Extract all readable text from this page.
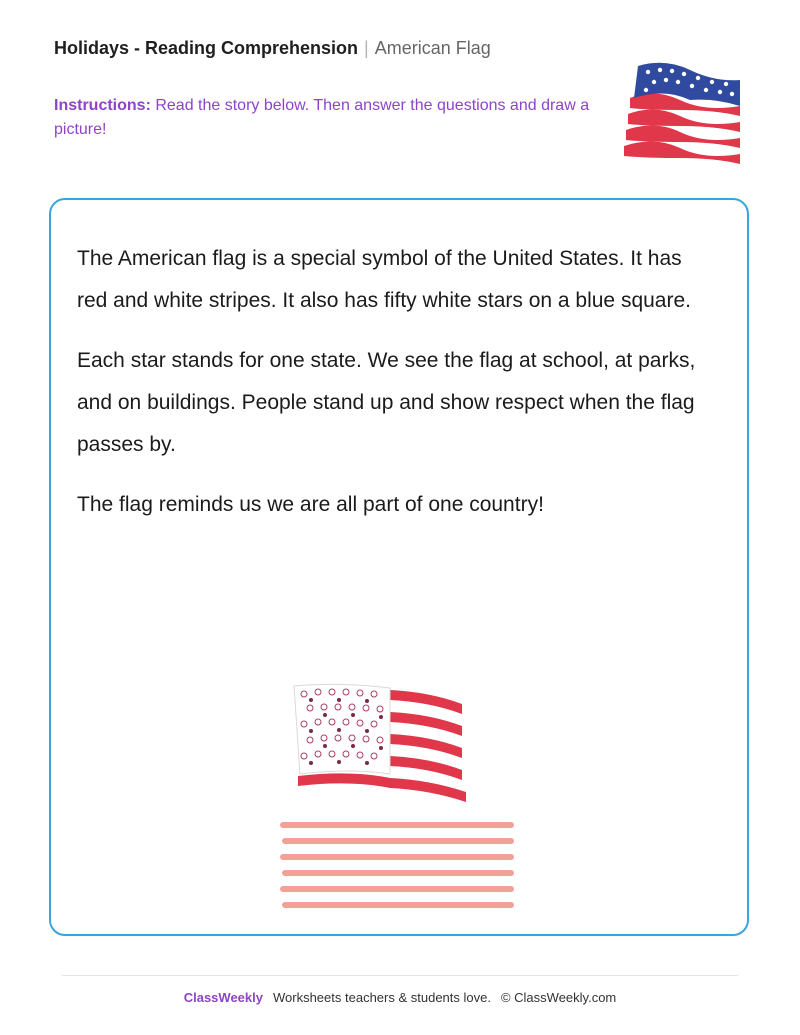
Holidays - Reading Comprehension | American Flag
Instructions: Read the story below. Then answer the questions and draw a picture!

The American flag is a special symbol of the United States. It has red and white stripes. It also has fifty white stars on a blue square.

Each star stands for one state. We see the flag at school, at parks, and on buildings. People stand up and show respect when the flag passes by.

The flag reminds us we are all part of one country!

ClassWeekly Worksheets teachers & students love. © ClassWeekly.com
